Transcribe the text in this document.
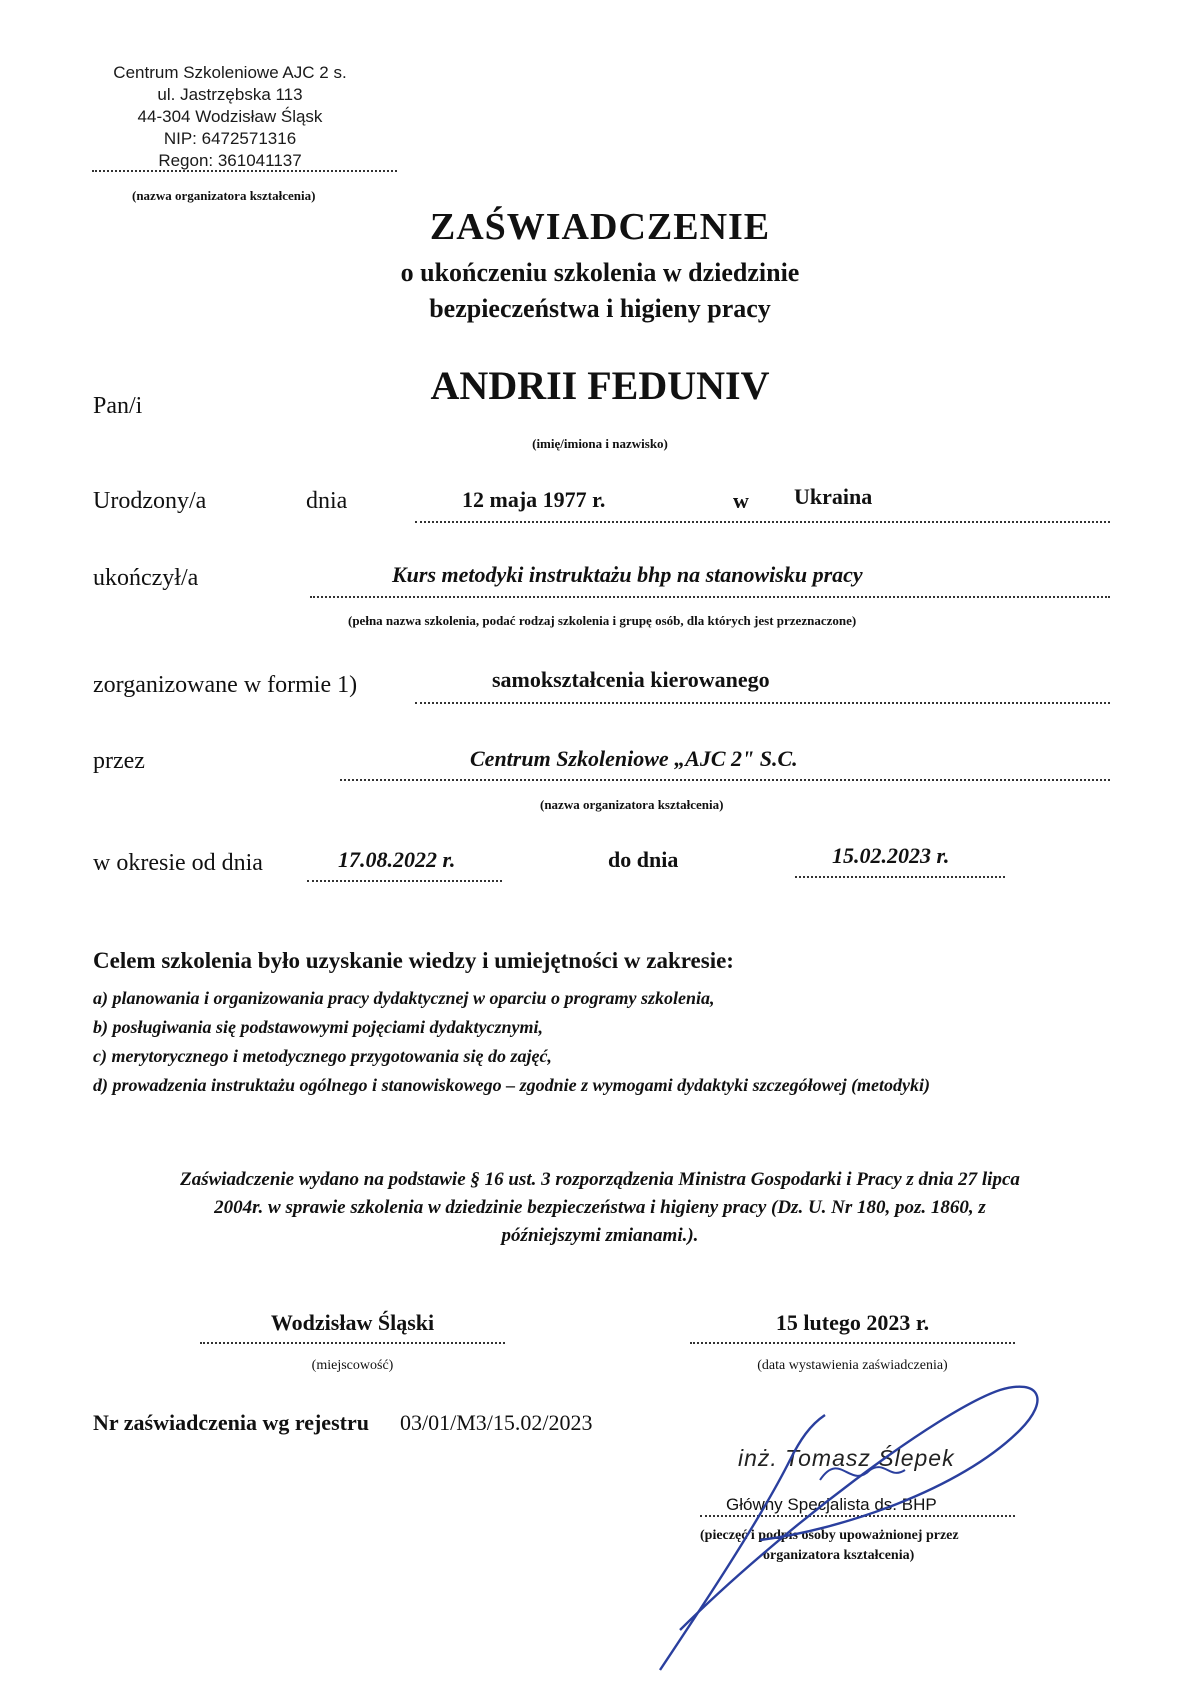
Centrum Szkoleniowe AJC 2 s.
ul. Jastrzębska 113
44-304 Wodzisław Śląsk
NIP: 6472571316
Regon: 361041137
(nazwa organizatora kształcenia)
ZAŚWIADCZENIE
o ukończeniu szkolenia w dziedzinie
bezpieczeństwa i higieny pracy
Pan/i	ANDRII FEDUNIV
(imię/imiona i nazwisko)
Urodzony/a	dnia	12 maja 1977 r.	w Ukraina
ukończył/a	Kurs metodyki instruktażu bhp na stanowisku pracy
(pełna nazwa szkolenia, podać rodzaj szkolenia i grupę osób, dla których jest przeznaczone)
zorganizowane w formie 1)	samokształcenia kierowanego
przez	Centrum Szkoleniowe „AJC 2" S.C.
(nazwa organizatora kształcenia)
w okresie od dnia	17.08.2022 r.	do dnia	15.02.2023 r.
Celem szkolenia było uzyskanie wiedzy i umiejętności w zakresie:
a) planowania i organizowania pracy dydaktycznej w oparciu o programy szkolenia,
b) posługiwania się podstawowymi pojęciami dydaktycznymi,
c) merytorycznego i metodycznego przygotowania się do zajęć,
d) prowadzenia instruktażu ogólnego i stanowiskowego – zgodnie z wymogami dydaktyki szczegółowej (metodyki)
Zaświadczenie wydano na podstawie § 16 ust. 3 rozporządzenia Ministra Gospodarki i Pracy z dnia 27 lipca
2004r. w sprawie szkolenia w dziedzinie bezpieczeństwa i higieny pracy (Dz. U. Nr 180, poz. 1860, z
późniejszymi zmianami.).
Wodzisław Śląski
(miejscowość)
15 lutego 2023 r.
(data wystawienia zaświadczenia)
Nr zaświadczenia wg rejestru 03/01/M3/15.02/2023
inż. Tomasz Ślepek
Główny Specjalista ds. BHP
(pieczęć i podpis osoby upoważnionej przez
organizatora kształcenia)
